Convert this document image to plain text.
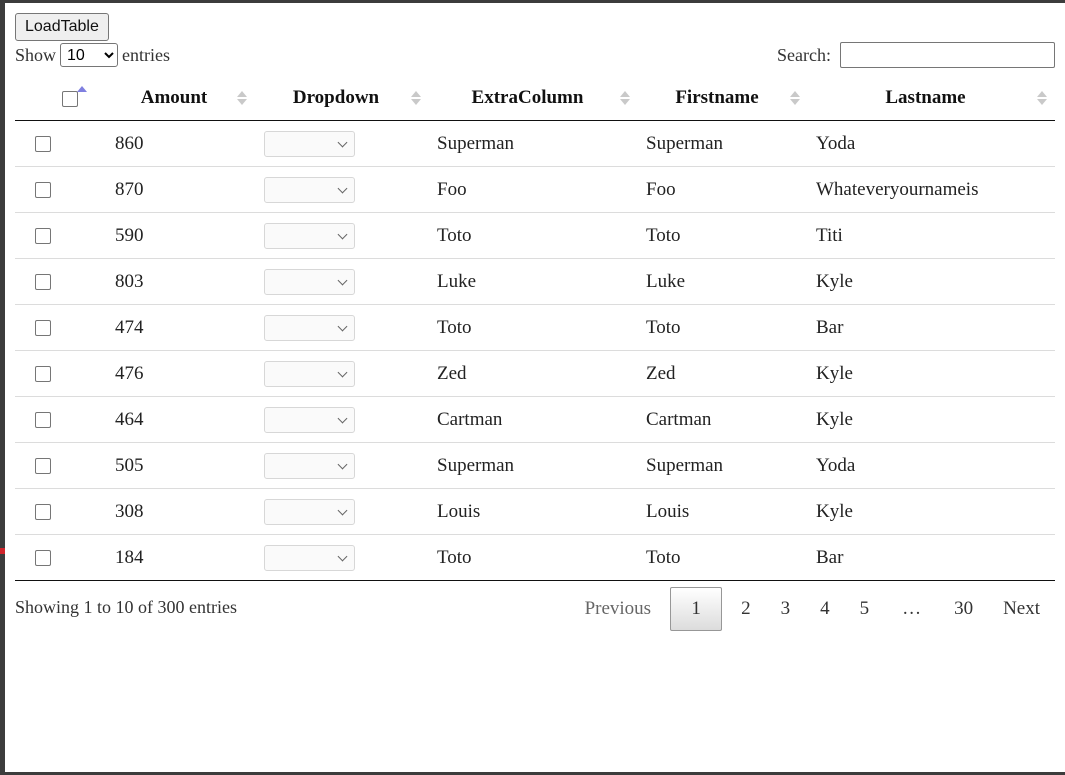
LoadTable
Show
10	entries	Search:
	Amount	Dropdown	ExtraColumn	Firstname	Lastname

	860		Superman	Superman	Yoda
	870		Foo	Foo	Whateveryournameis
	590		Toto	Toto	Titi
	803		Luke	Luke	Kyle
	474		Toto	Toto	Bar
	476		Zed	Zed	Kyle
	464		Cartman	Cartman	Kyle
	505		Superman	Superman	Yoda
	308		Louis	Louis	Kyle
	184		Toto	Toto	Bar
Showing 1 to 10 of 300 entries	Previous	1	2	3	4	5	…	30	Next
